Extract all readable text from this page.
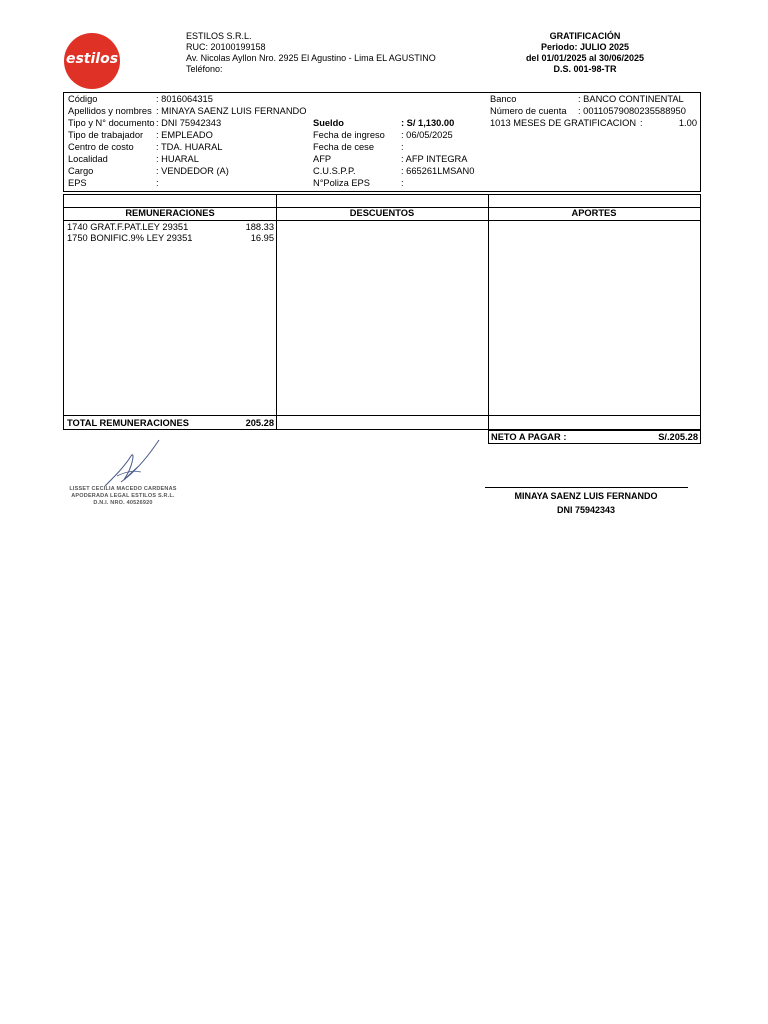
estilos
ESTILOS S.R.L.
RUC: 20100199158
Av. Nicolas Ayllon Nro. 2925 El Agustino - Lima EL AGUSTINO
Teléfono:
GRATIFICACIÓN
Periodo: JULIO 2025
del 01/01/2025 al 30/06/2025
D.S. 001-98-TR
Código	: 8016064315
Apellidos y nombres : MINAYA SAENZ LUIS FERNANDO
Tipo y N° documento : DNI 75942343
Tipo de trabajador : EMPLEADO
Centro de costo : TDA. HUARAL
Localidad	: HUARAL
Cargo	: VENDEDOR (A)
EPS	:
Sueldo	: S/ 1,130.00
Fecha de ingreso : 06/05/2025
Fecha de cese	:
AFP	: AFP INTEGRA
C.U.S.P.P.	: 665261LMSAN0
N°Poliza EPS	:
Banco	: BANCO CONTINENTAL
Número de cuenta : 00110579080235588950
1013 MESES DE GRATIFICACION :	1.00
REMUNERACIONES	DESCUENTOS	APORTES
1740 GRAT.F.PAT.LEY 29351	188.33
1750 BONIFIC.9% LEY 29351	16.95
TOTAL REMUNERACIONES	205.28
NETO A PAGAR :	S/.205.28
LISSET CECILIA MACEDO CARDENAS
APODERADA LEGAL ESTILOS S.R.L.
D.N.I. NRO. 40526920
MINAYA SAENZ LUIS FERNANDO
DNI 75942343
